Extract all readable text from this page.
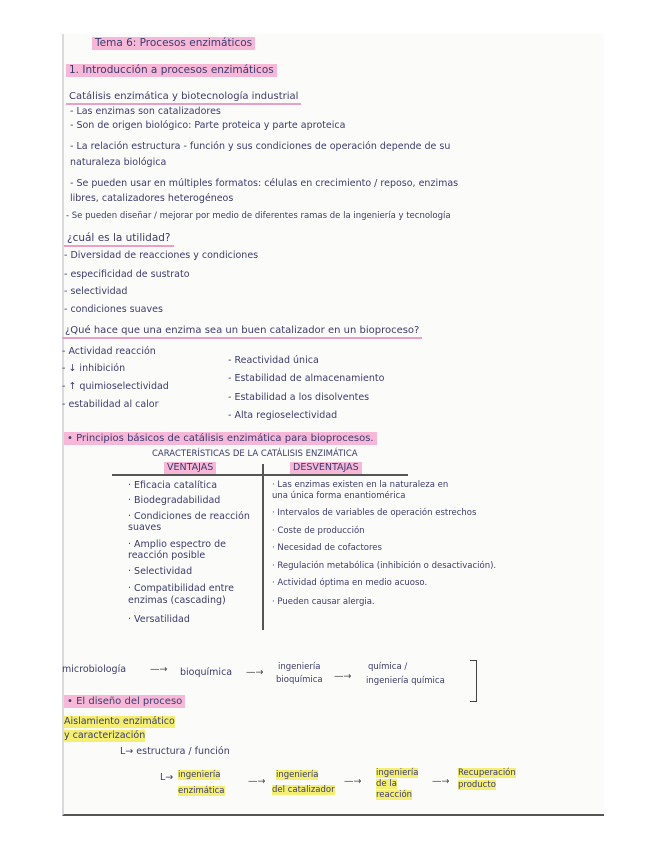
Tema 6: Procesos enzimáticos
1. Introducción a procesos enzimáticos
Catálisis enzimática y biotecnología industrial
- Las enzimas son catalizadores
- Son de origen biológico: Parte proteica y parte aproteica
- La relación estructura - función y sus condiciones de operación depende de su
naturaleza biológica
- Se pueden usar en múltiples formatos: células en crecimiento / reposo, enzimas
libres, catalizadores heterogéneos
- Se pueden diseñar / mejorar por medio de diferentes ramas de la ingeniería y tecnología
¿cuál es la utilidad?
- Diversidad de reacciones y condiciones
- especificidad de sustrato
- selectividad
- condiciones suaves
¿Qué hace que una enzima sea un buen catalizador en un bioproceso?
- Actividad reacción
- ↓ inhibición
- ↑ quimioselectividad
- estabilidad al calor
- Reactividad única
- Estabilidad de almacenamiento
- Estabilidad a los disolventes
- Alta regioselectividad
• Principios básicos de catálisis enzimática para bioprocesos.
CARACTERÍSTICAS DE LA CATÁLISIS ENZIMÁTICA
VENTAJAS	DESVENTAJAS
· Eficacia catalítica
· Biodegradabilidad
· Condiciones de reacción
suaves
· Amplio espectro de
reacción posible
· Selectividad
· Compatibilidad entre
enzimas (cascading)
· Versatilidad
· Las enzimas existen en la naturaleza en
una única forma enantiomérica
· Intervalos de variables de operación estrechos
· Coste de producción
· Necesidad de cofactores
· Regulación metabólica (inhibición o desactivación).
· Actividad óptima en medio acuoso.
· Pueden causar alergia.
microbiología	—→ bioquímica —→ ingeniería
bioquímica —→
química /
ingeniería química
• El diseño del proceso
Aislamiento enzimático
y caracterización
L→ estructura / función
L→ ingeniería
enzimática
—→
ingeniería
del catalizador
—→
ingeniería
de la
reacción
—→
Recuperación
producto
